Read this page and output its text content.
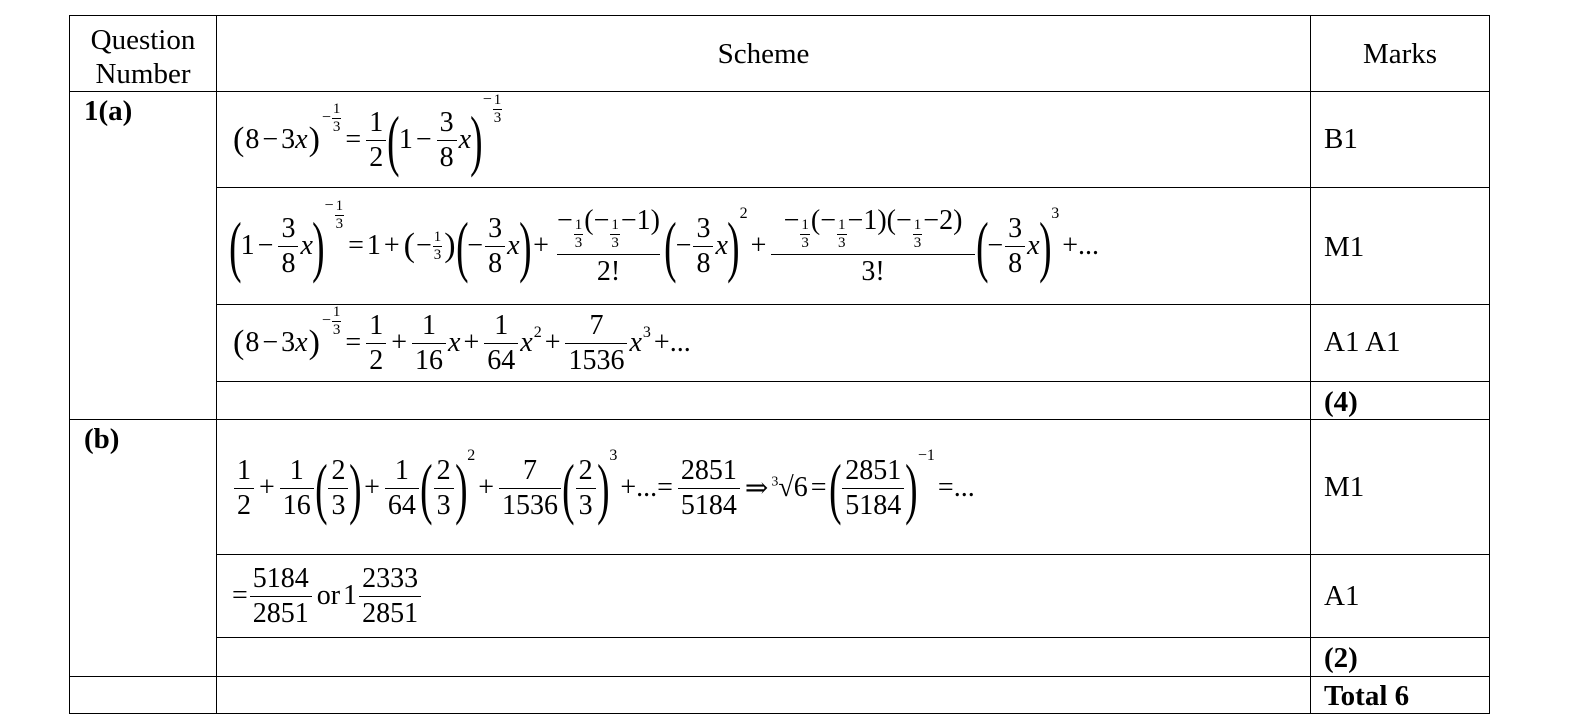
Question
Number
Scheme	Marks
1(a)
(b)
B1
M1
A1 A1
(4)
M1
A1
(2)
Total 6
( 8 − 3 x )
− $\frac{1}{3}$
= $\frac{1}{2}$ ( $1 - \frac{3}{8}$ x )
− $\frac{1}{3}$
( $1 - \frac{3}{8}$ x )
− $\frac{1}{3}$
= 1 + ( − 1
3 ) ( −
3
8
x ) + $\frac{- \frac{1}{3} (- \frac{1}{3} -1)}{2!}$ ( −
3
8
x ) 2
+ $\frac{- \frac{1}{3} (- \frac{1}{3} -1)(- \frac{1}{3} -2)}{3!}$ ( −
3
8
x ) 3
+...
( 8 − 3 x )
− $\frac{1}{3}$
= $\frac{1}{2} + \frac{1}{16}$ $x + \frac{1}{64}$ x $2 + \frac{7}{1536}$ x 3 +...
1
2
+ $\frac{1}{16}$ ( 2
3 ) + $\frac{1}{64}$ ( 2
3 ) 2
+ $\frac{7}{1536}$ ( 2
3 ) 3
+...= $\frac{2851}{5184}$ ⇒ $^3$√6 = ( 2851
5184 ) −1
=...
= $\frac{5184}{2851}$ or 1
2333
2851
